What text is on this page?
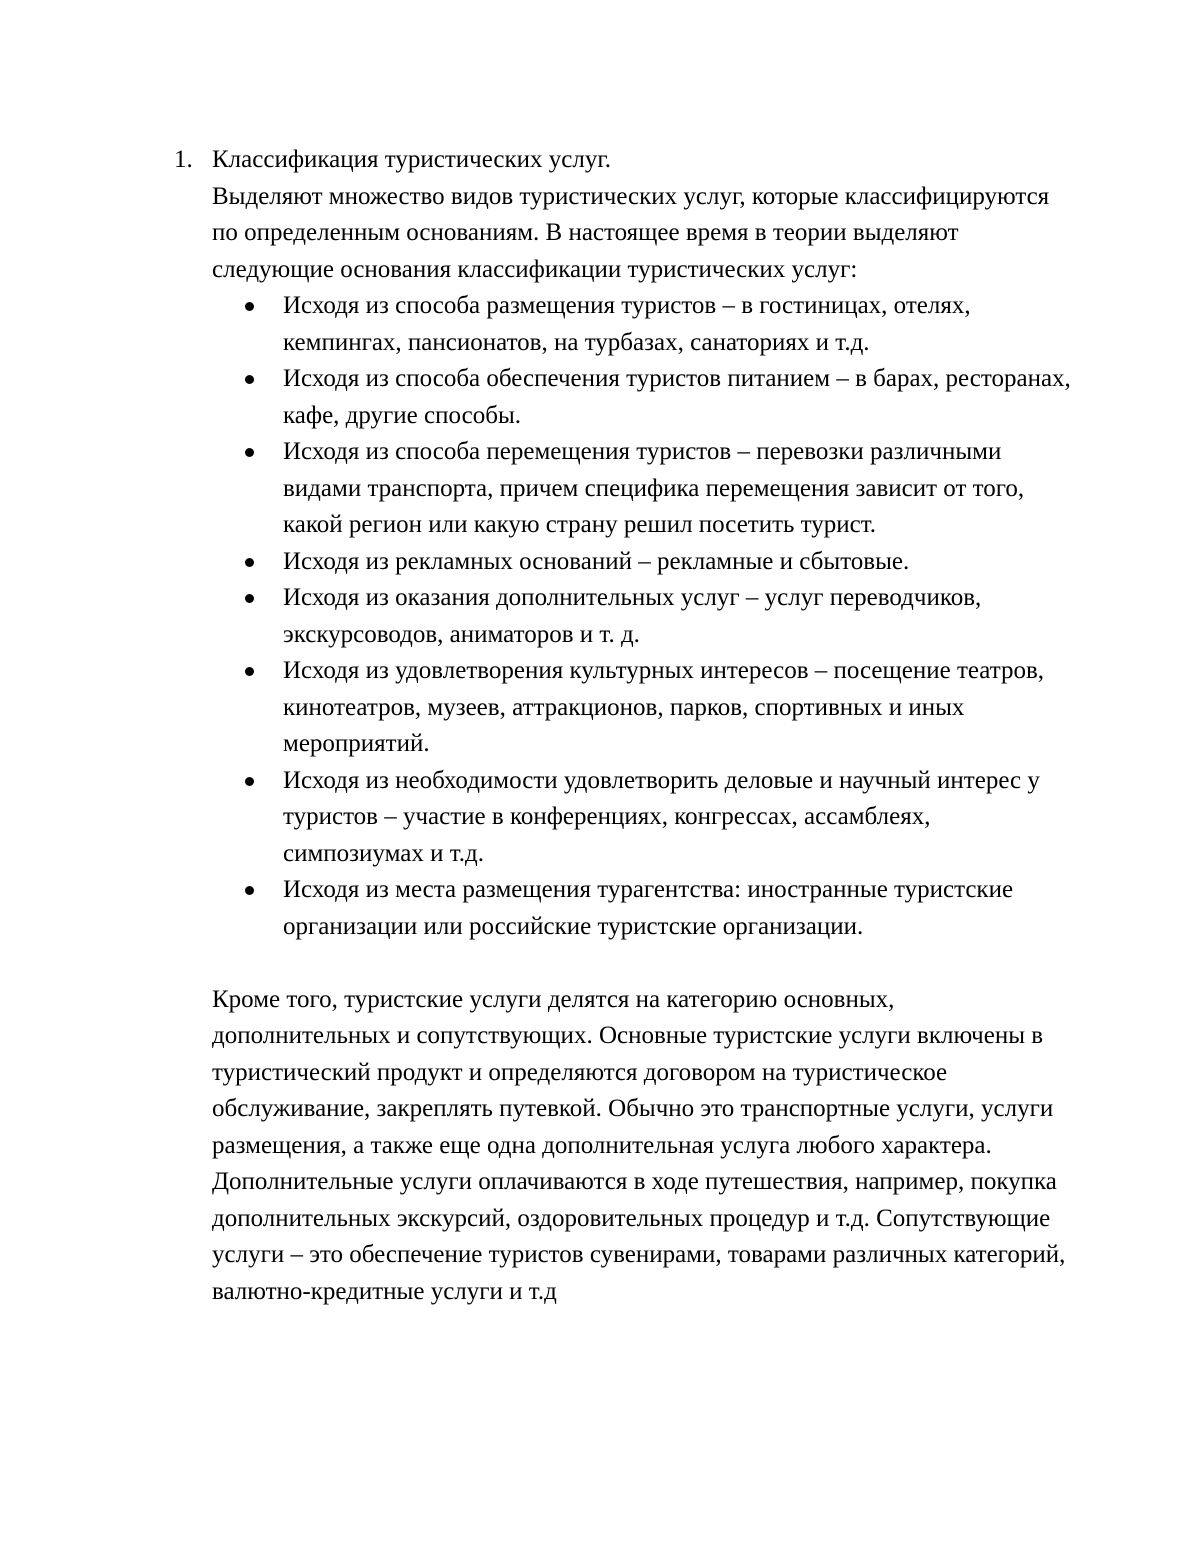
1. Классификация туристических услуг.

Выделяют множество видов туристических услуг, которые классифицируются по определенным основаниям. В настоящее время в теории выделяют следующие основания классификации туристических услуг:

Исходя из способа размещения туристов – в гостиницах, отелях, кемпингах, пансионатов, на турбазах, санаториях и т.д.
Исходя из способа обеспечения туристов питанием – в барах, ресторанах, кафе, другие способы.
Исходя из способа перемещения туристов – перевозки различными видами транспорта, причем специфика перемещения зависит от того, какой регион или какую страну решил посетить турист.
Исходя из рекламных оснований – рекламные и сбытовые.
Исходя из оказания дополнительных услуг – услуг переводчиков, экскурсоводов, аниматоров и т. д.
Исходя из удовлетворения культурных интересов – посещение театров, кинотеатров, музеев, аттракционов, парков, спортивных и иных мероприятий.
Исходя из необходимости удовлетворить деловые и научный интерес у туристов – участие в конференциях, конгрессах, ассамблеях, симпозиумах и т.д.
Исходя из места размещения турагентства: иностранные туристские организации или российские туристские организации.

Кроме того, туристские услуги делятся на категорию основных, дополнительных и сопутствующих. Основные туристские услуги включены в туристический продукт и определяются договором на туристическое обслуживание, закреплять путевкой. Обычно это транспортные услуги, услуги размещения, а также еще одна дополнительная услуга любого характера. Дополнительные услуги оплачиваются в ходе путешествия, например, покупка дополнительных экскурсий, оздоровительных процедур и т.д. Сопутствующие услуги – это обеспечение туристов сувенирами, товарами различных категорий, валютно-кредитные услуги и т.д
